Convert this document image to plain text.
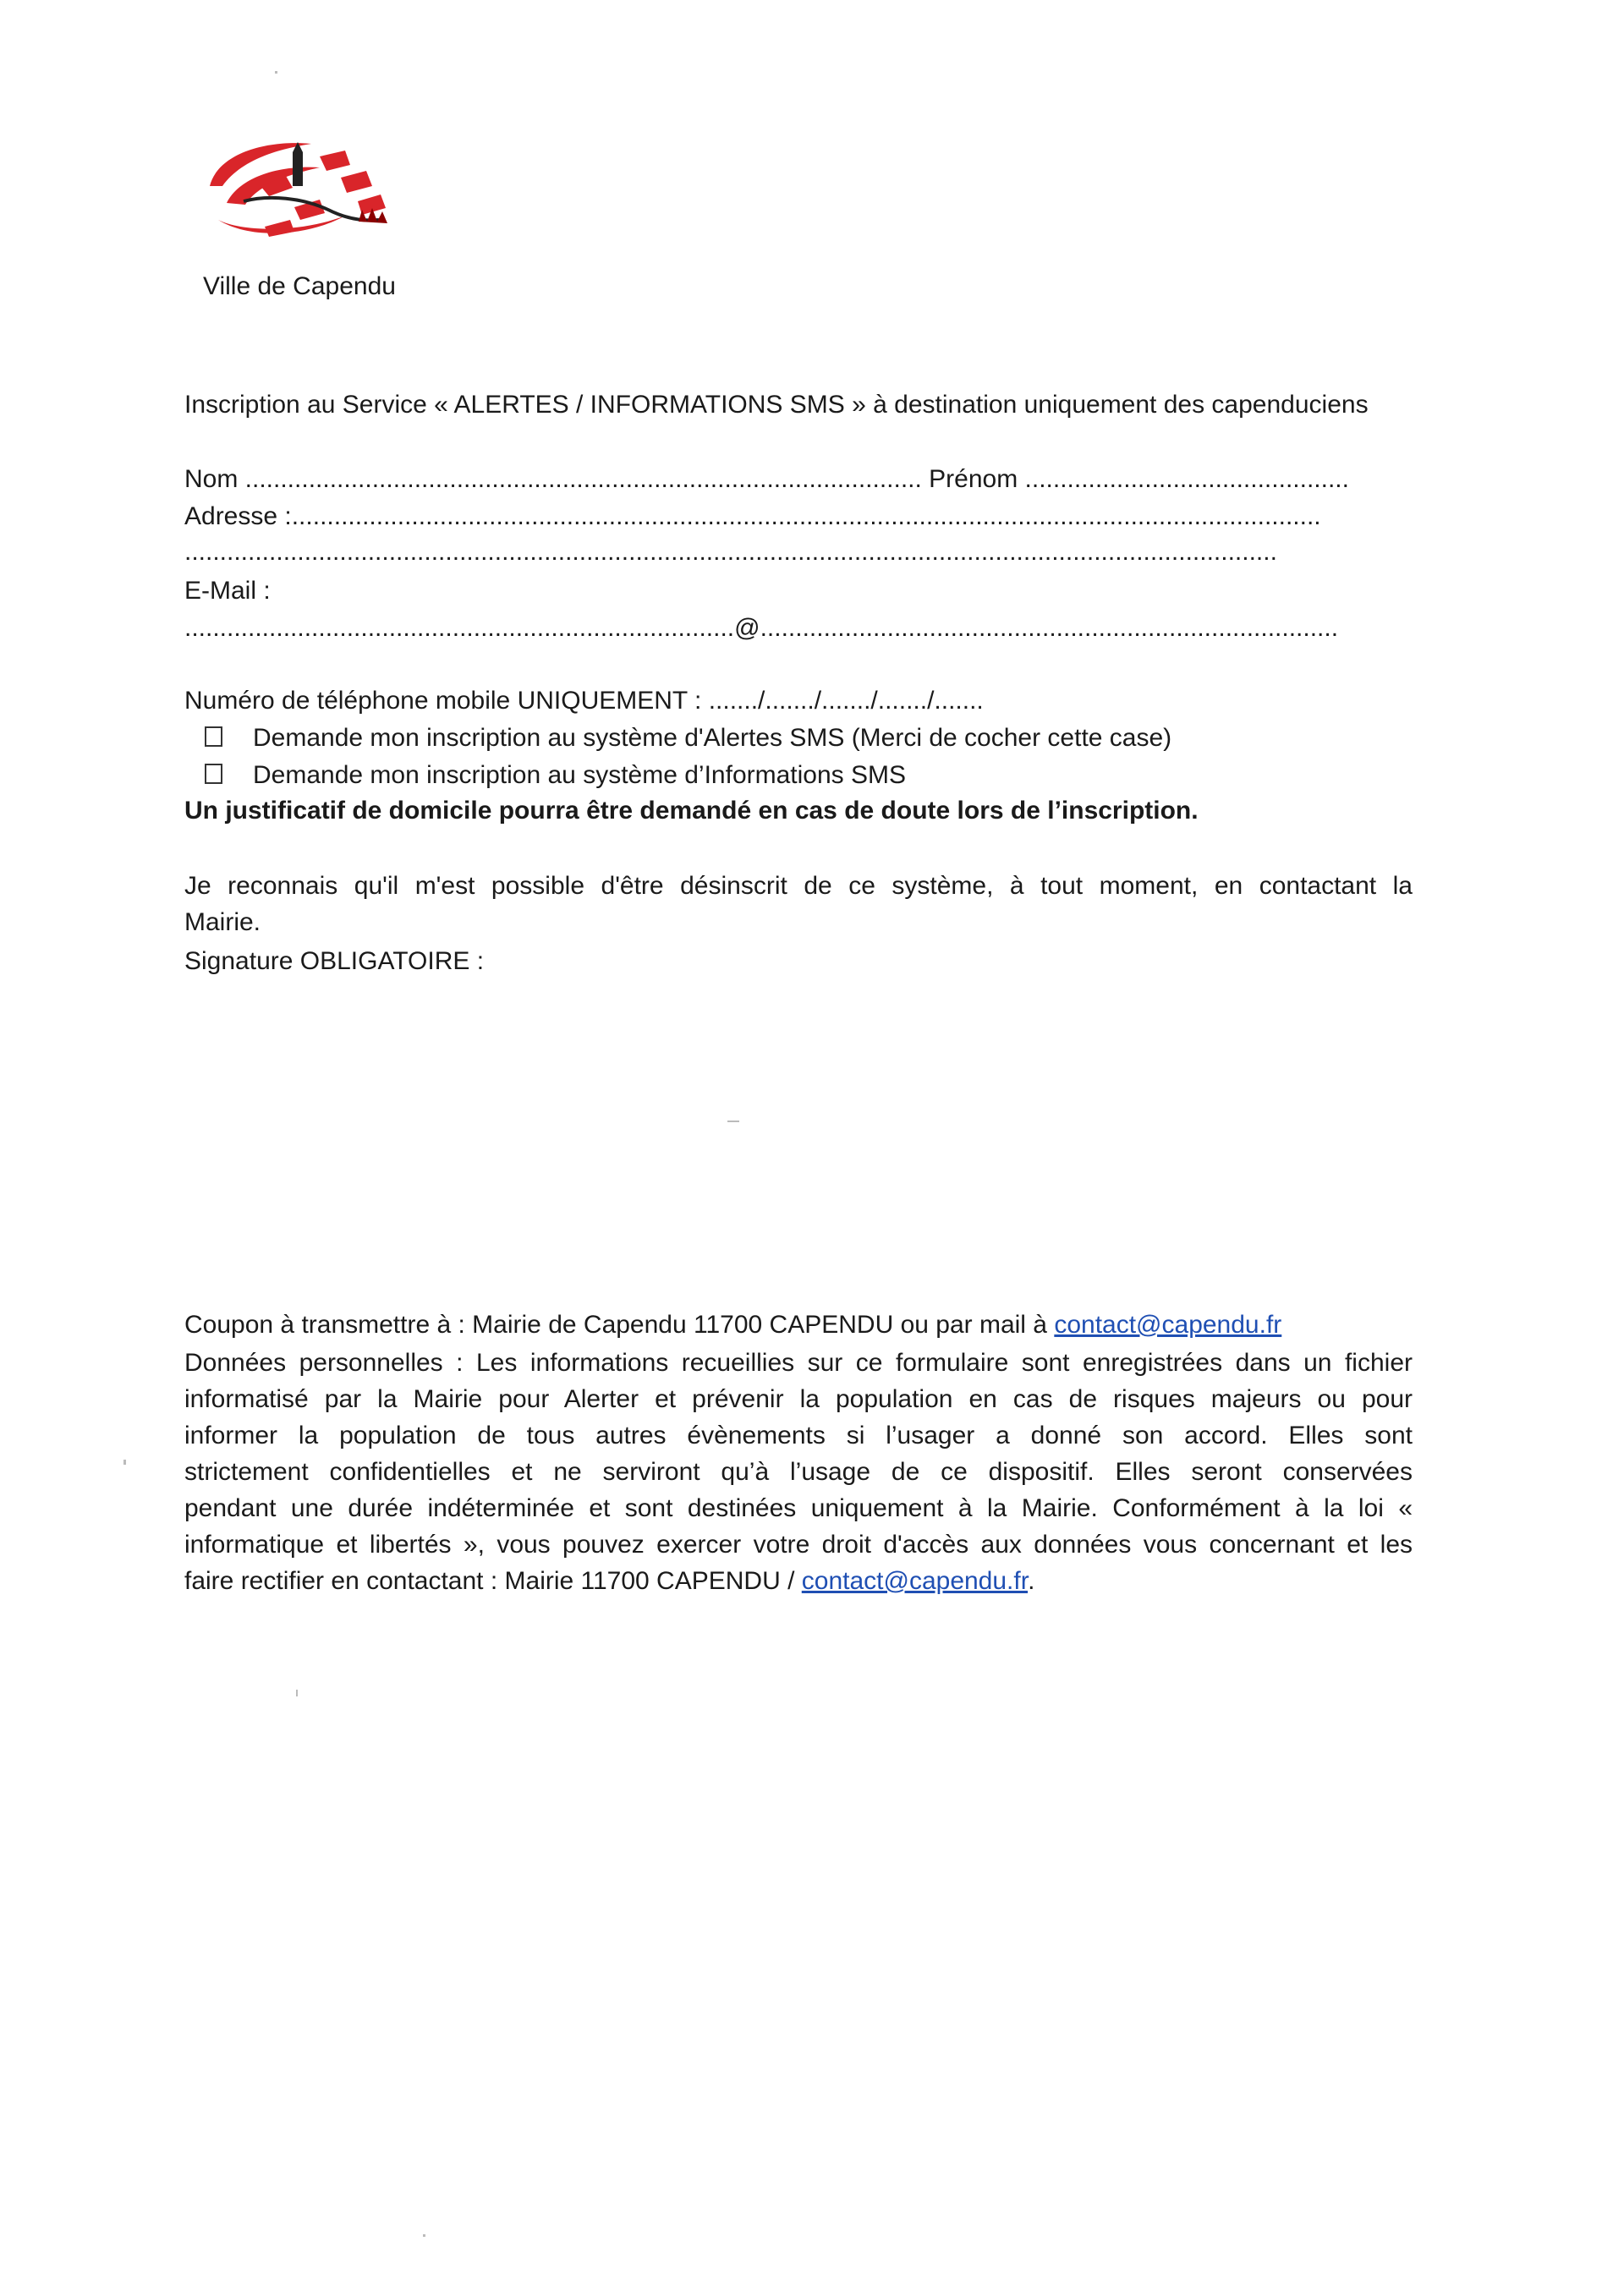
Ville de Capendu
Inscription au Service « ALERTES / INFORMATIONS SMS » à destination uniquement des capenduciens
Nom ................................................................................................ Prénom ..............................................
Adresse :..................................................................................................................................................
...........................................................................................................................................................
E-Mail :
..............................................................................@..................................................................................
Numéro de téléphone mobile UNIQUEMENT : ......./......./......./......./.......
Demande mon inscription au système d'Alertes SMS (Merci de cocher cette case)
Demande mon inscription au système d’Informations SMS
Un justificatif de domicile pourra être demandé en cas de doute lors de l’inscription.
Je reconnais qu'il m'est possible d'être désinscrit de ce système, à tout moment, en contactant la
Mairie.
Signature OBLIGATOIRE :
Coupon à transmettre à : Mairie de Capendu 11700 CAPENDU ou par mail à contact@capendu.fr
Données personnelles : Les informations recueillies sur ce formulaire sont enregistrées dans un fichier
informatisé par la Mairie pour Alerter et prévenir la population en cas de risques majeurs ou pour
informer la population de tous autres évènements si l’usager a donné son accord. Elles sont
strictement confidentielles et ne serviront qu’à l’usage de ce dispositif. Elles seront conservées
pendant une durée indéterminée et sont destinées uniquement à la Mairie. Conformément à la loi «
informatique et libertés », vous pouvez exercer votre droit d'accès aux données vous concernant et les
faire rectifier en contactant : Mairie 11700 CAPENDU / contact@capendu.fr.
